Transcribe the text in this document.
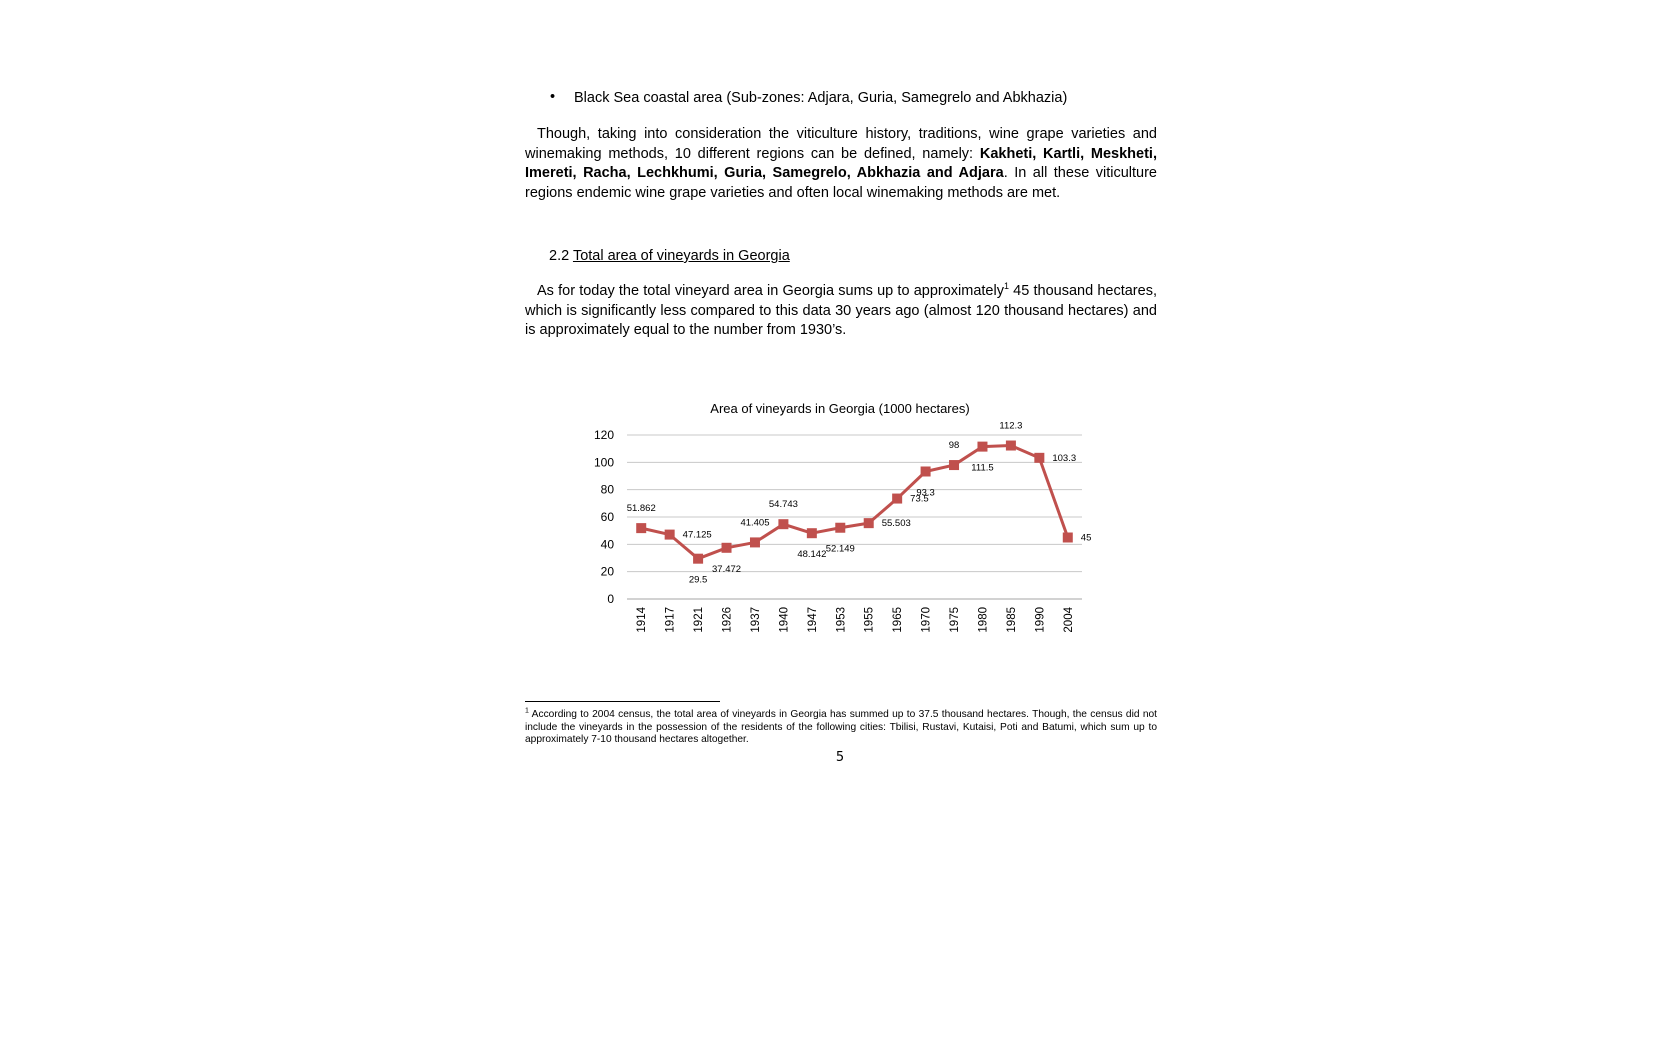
• Black Sea coastal area (Sub-zones: Adjara, Guria, Samegrelo and Abkhazia)
Though, taking into consideration the viticulture history, traditions, wine grape varieties and winemaking methods, 10 different regions can be defined, namely: Kakheti, Kartli, Meskheti, Imereti, Racha, Lechkhumi, Guria, Samegrelo, Abkhazia and Adjara. In all these viticulture regions endemic wine grape varieties and often local winemaking methods are met.
2.2 Total area of vineyards in Georgia
As for today the total vineyard area in Georgia sums up to approximately$^1$ 45 thousand hectares, which is significantly less compared to this data 30 years ago (almost 120 thousand hectares) and is approximately equal to the number from 1930’s.
Area of vineyards in Georgia (1000 hectares)
0
20
40
60
80
100
120
1914 1917 1921 1926 1937 1940 1947 1953 1955 1965 1970 1975 1980 1985 1990 2004
51.862
47.125
29.5
37.472
41.405
54.743
48.142 52.149
55.503
73.5
93.3
98
111.5
112.3
103.3
45
$^1$ According to 2004 census, the total area of vineyards in Georgia has summed up to 37.5 thousand hectares. Though, the census did not include the vineyards in the possession of the residents of the following cities: Tbilisi, Rustavi, Kutaisi, Poti and Batumi, which sum up to approximately 7-10 thousand hectares altogether.
5
